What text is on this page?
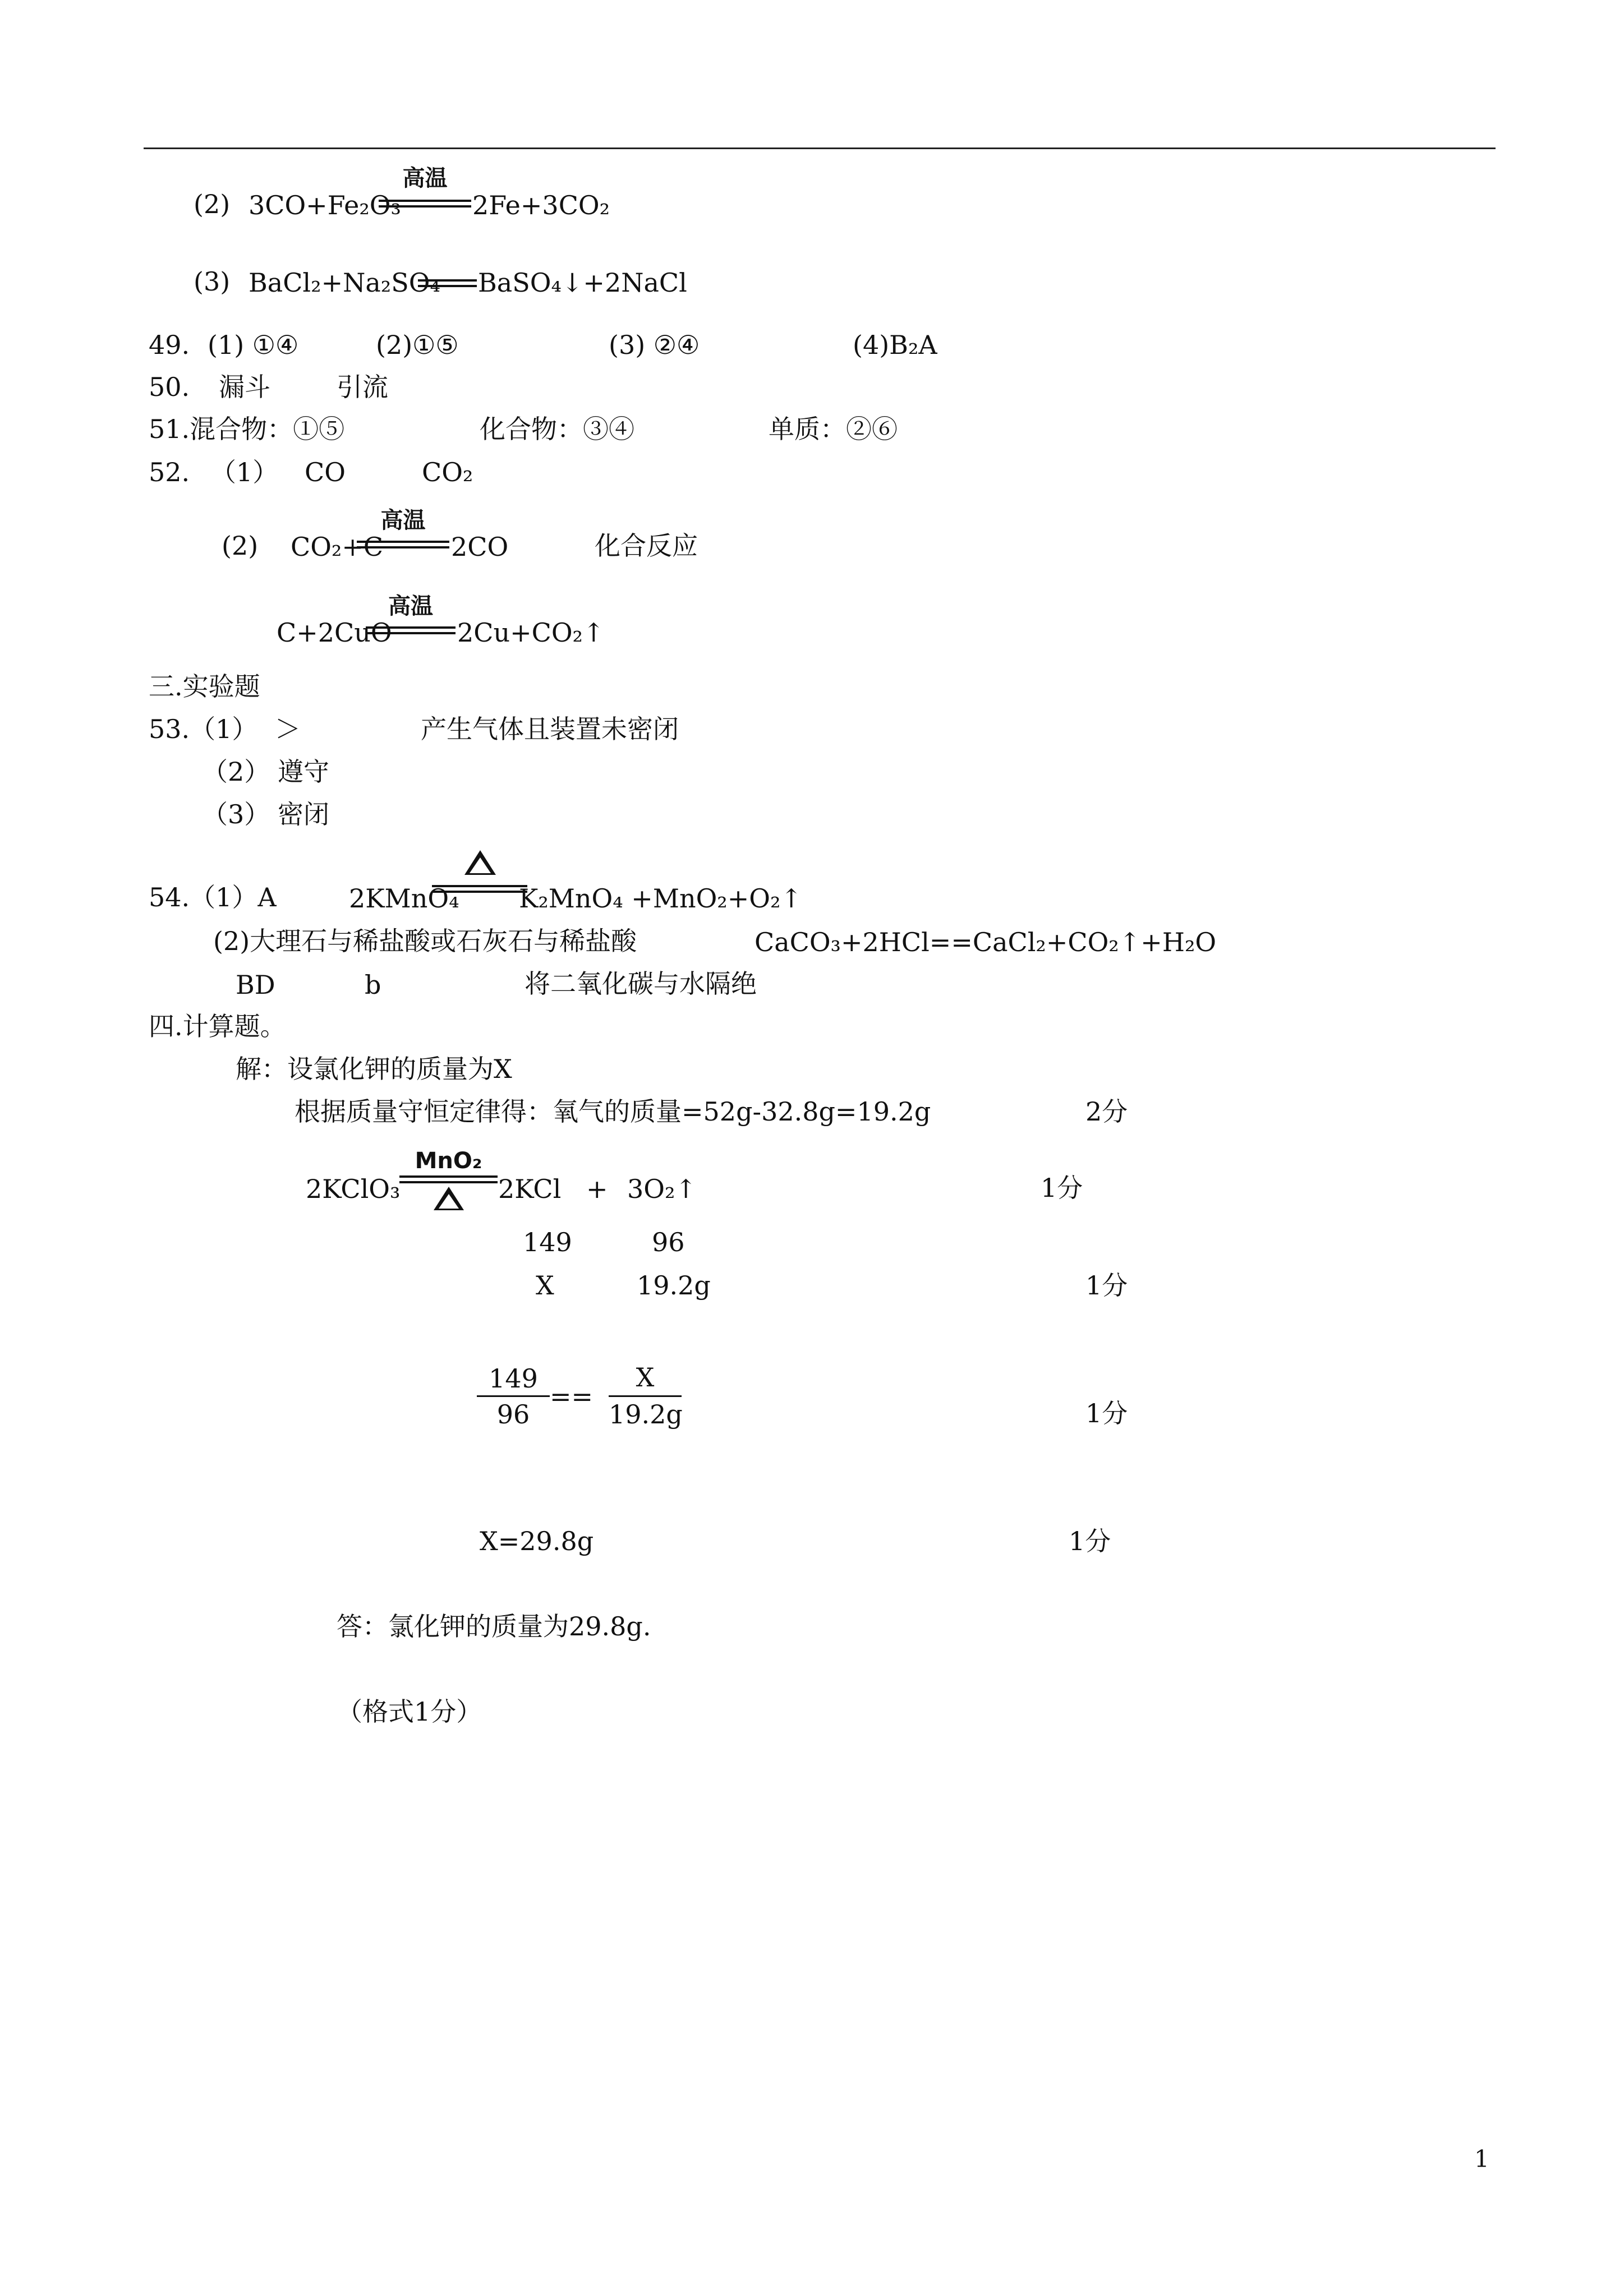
(2) 3CO+Fe₂O₃
高温
2Fe+3CO₂
(3) BaCl₂+Na₂SO₄ BaSO₄↓+2NaCl
49. (1) ①④	(2)①⑤	(3) ②④	(4)B₂A
50. 漏斗	引流
51.混合物：①⑤	化合物：③④	单质：②⑥
52. （1） CO	CO₂
(2) CO₂+C
高温
2CO	化合反应
C+2CuO
高温
2Cu+CO₂↑
三.实验题
53.（1） ＞	产生气体且装置未密闭
（2） 遵守
（3） 密闭
54.（1）A	2KMnO₄ K₂MnO₄ +MnO₂+O₂↑
(2)大理石与稀盐酸或石灰石与稀盐酸	CaCO₃+2HCl==CaCl₂+CO₂↑+H₂O
BD	b	将二氧化碳与水隔绝
四.计算题。
解：设氯化钾的质量为X
根据质量守恒定律得：氧气的质量=52g-32.8g=19.2g	2分
2KClO₃
MnO₂
2KCl + 3O₂↑	1分
149	96
X	19.2g	1分
149
96
==
X
19.2g	1分
X=29.8g	1分
答：氯化钾的质量为29.8g.
（格式1分）
1
